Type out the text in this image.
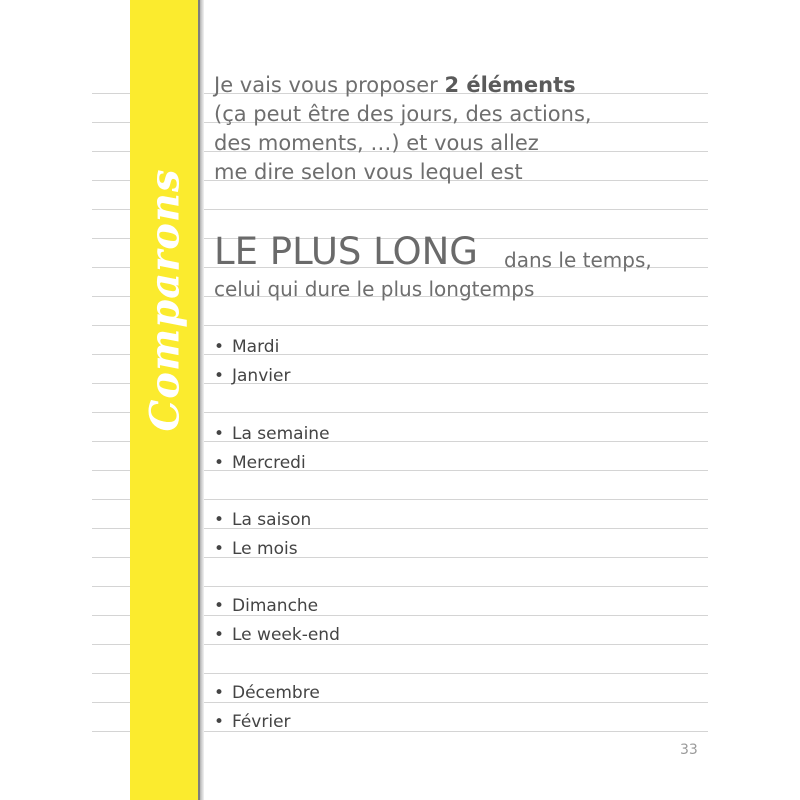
Comparons
Je vais vous proposer 2 éléments
(ça peut être des jours, des actions,
des moments, …) et vous allez
me dire selon vous lequel est
LE PLUS LONG dans le temps,
celui qui dure le plus longtemps
• Mardi
• Janvier
• La semaine
• Mercredi
• La saison
• Le mois
• Dimanche
• Le week-end
• Décembre
• Février
33
